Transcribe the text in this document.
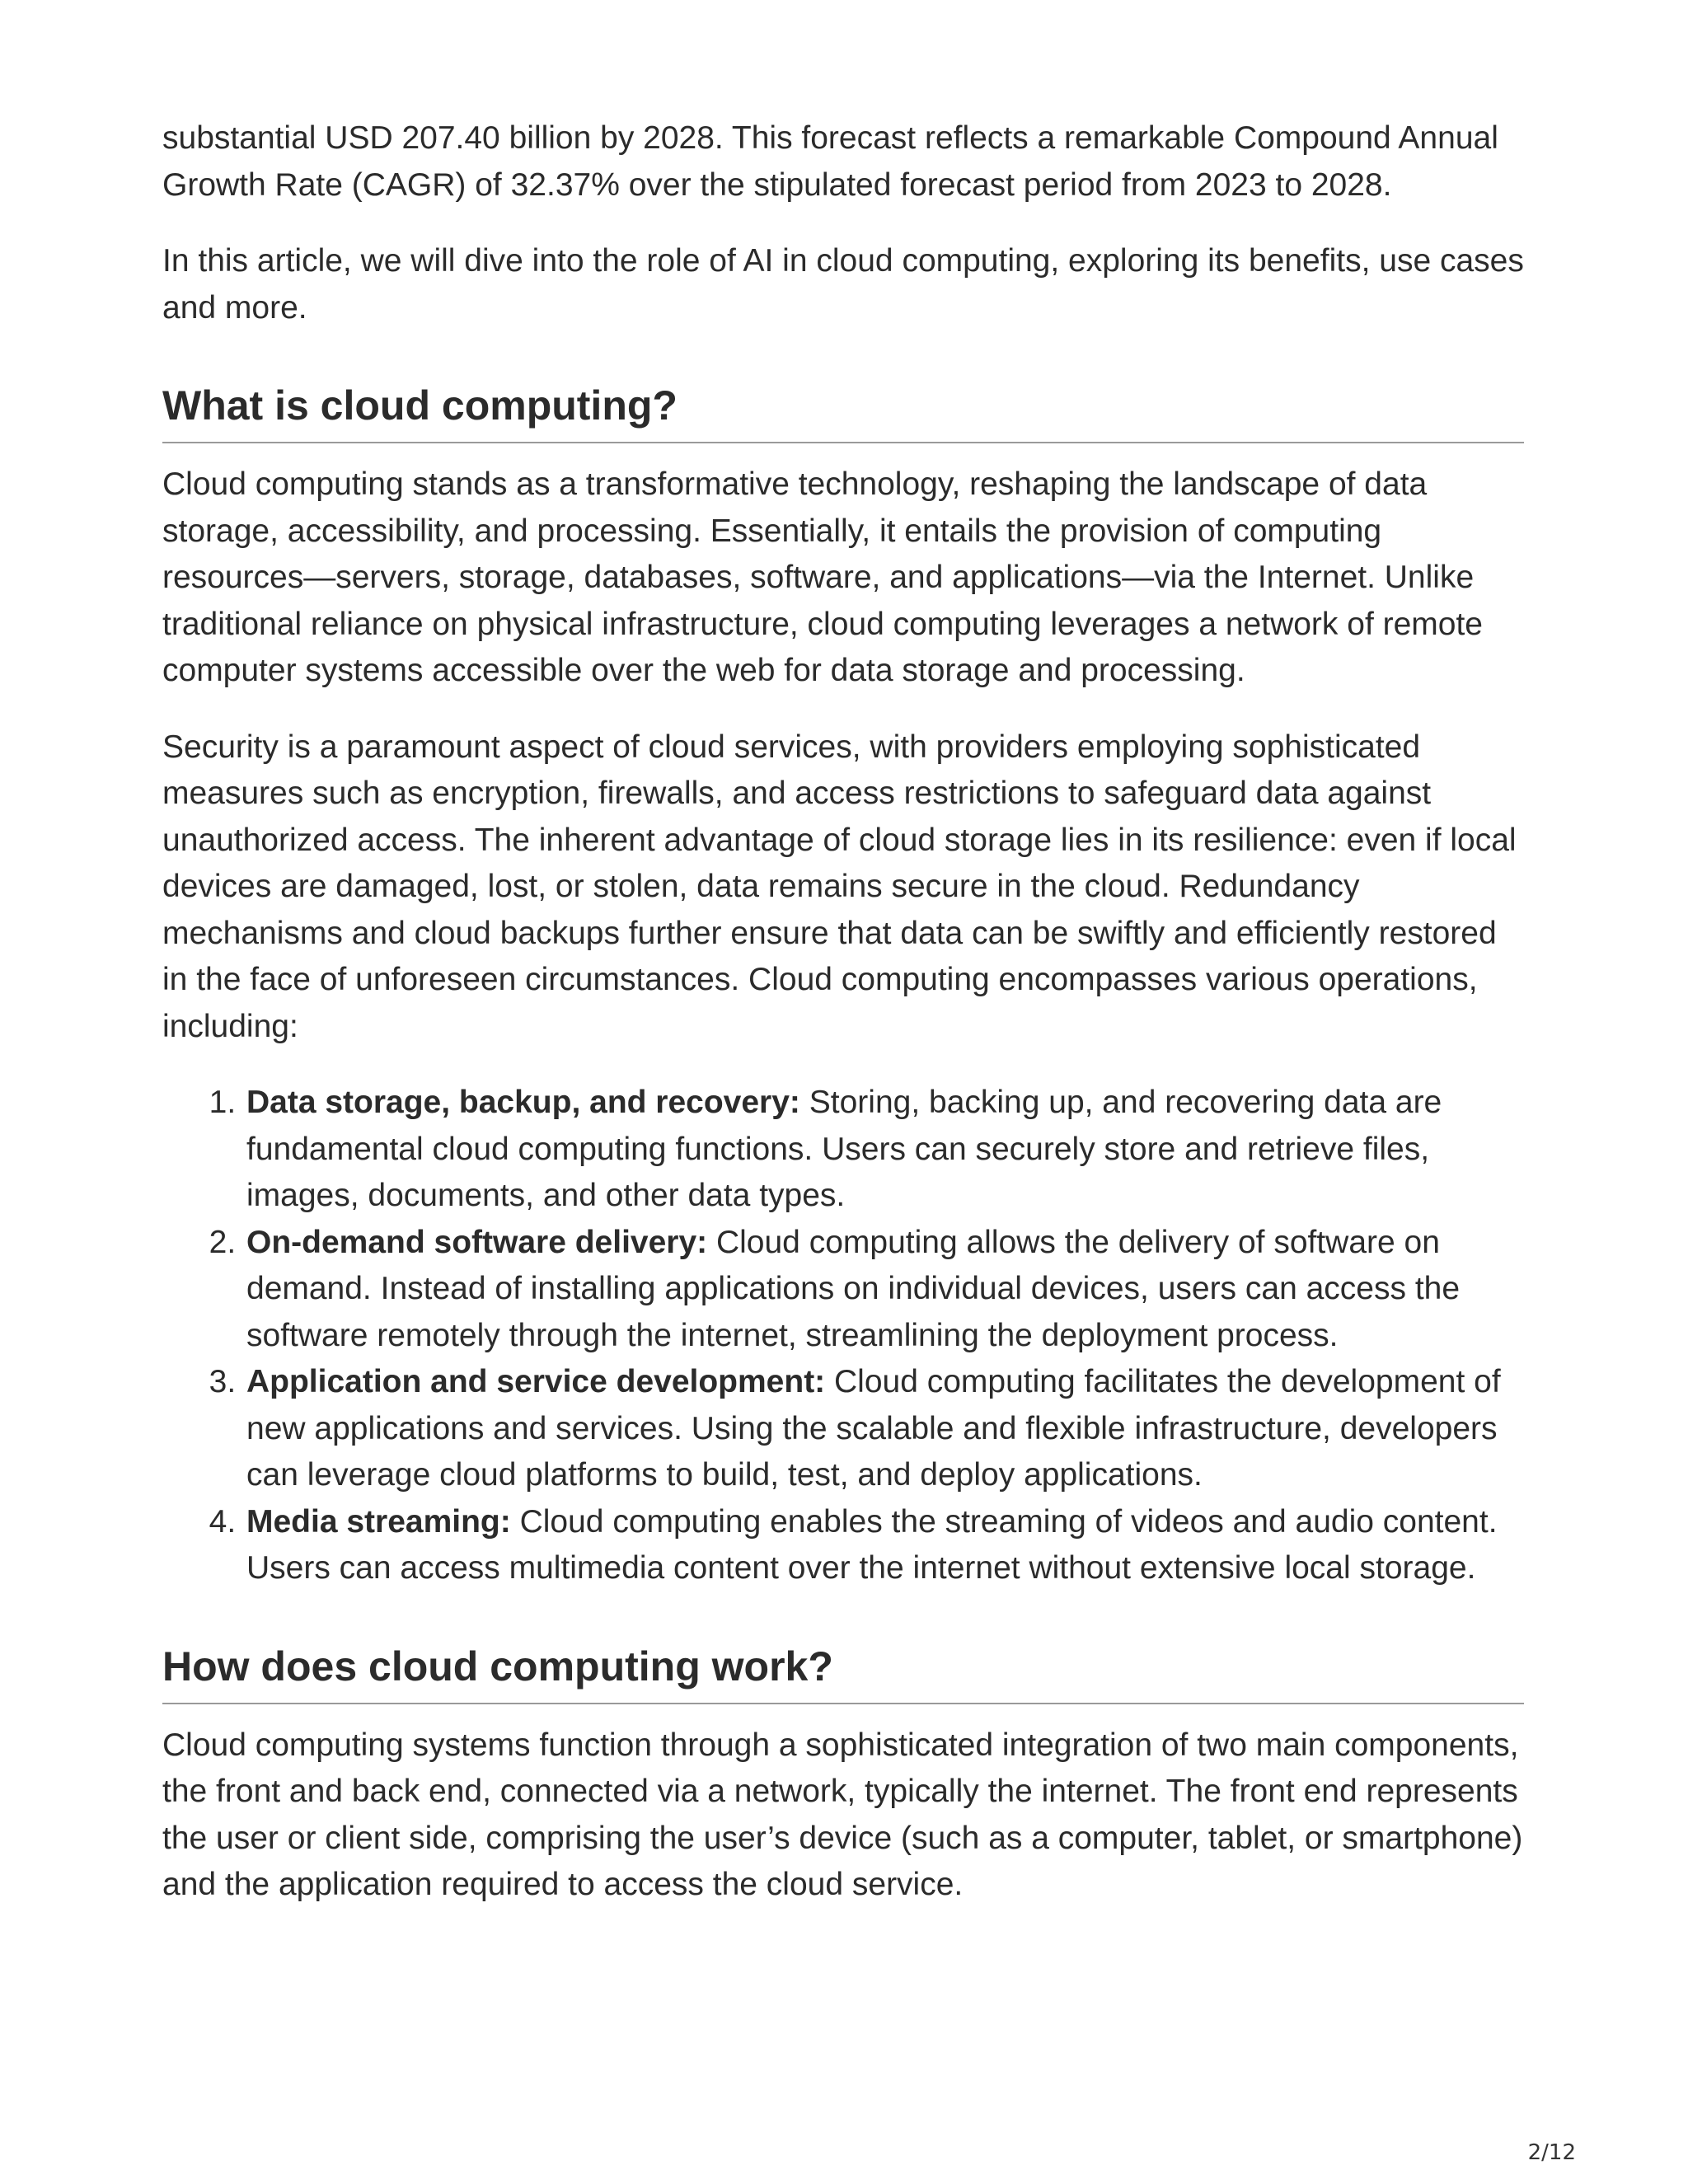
substantial USD 207.40 billion by 2028. This forecast reflects a remarkable Compound Annual Growth Rate (CAGR) of 32.37% over the stipulated forecast period from 2023 to 2028.

In this article, we will dive into the role of AI in cloud computing, exploring its benefits, use cases and more.

What is cloud computing?

Cloud computing stands as a transformative technology, reshaping the landscape of data storage, accessibility, and processing. Essentially, it entails the provision of computing resources—servers, storage, databases, software, and applications—via the Internet. Unlike traditional reliance on physical infrastructure, cloud computing leverages a network of remote computer systems accessible over the web for data storage and processing.

Security is a paramount aspect of cloud services, with providers employing sophisticated measures such as encryption, firewalls, and access restrictions to safeguard data against unauthorized access. The inherent advantage of cloud storage lies in its resilience: even if local devices are damaged, lost, or stolen, data remains secure in the cloud. Redundancy mechanisms and cloud backups further ensure that data can be swiftly and efficiently restored in the face of unforeseen circumstances. Cloud computing encompasses various operations, including:

1. Data storage, backup, and recovery: Storing, backing up, and recovering data are fundamental cloud computing functions. Users can securely store and retrieve files, images, documents, and other data types.
2. On-demand software delivery: Cloud computing allows the delivery of software on demand. Instead of installing applications on individual devices, users can access the software remotely through the internet, streamlining the deployment process.
3. Application and service development: Cloud computing facilitates the development of new applications and services. Using the scalable and flexible infrastructure, developers can leverage cloud platforms to build, test, and deploy applications.
4. Media streaming: Cloud computing enables the streaming of videos and audio content. Users can access multimedia content over the internet without extensive local storage.
How does cloud computing work?

Cloud computing systems function through a sophisticated integration of two main components, the front and back end, connected via a network, typically the internet. The front end represents the user or client side, comprising the user’s device (such as a computer, tablet, or smartphone) and the application required to access the cloud service.

2/12
